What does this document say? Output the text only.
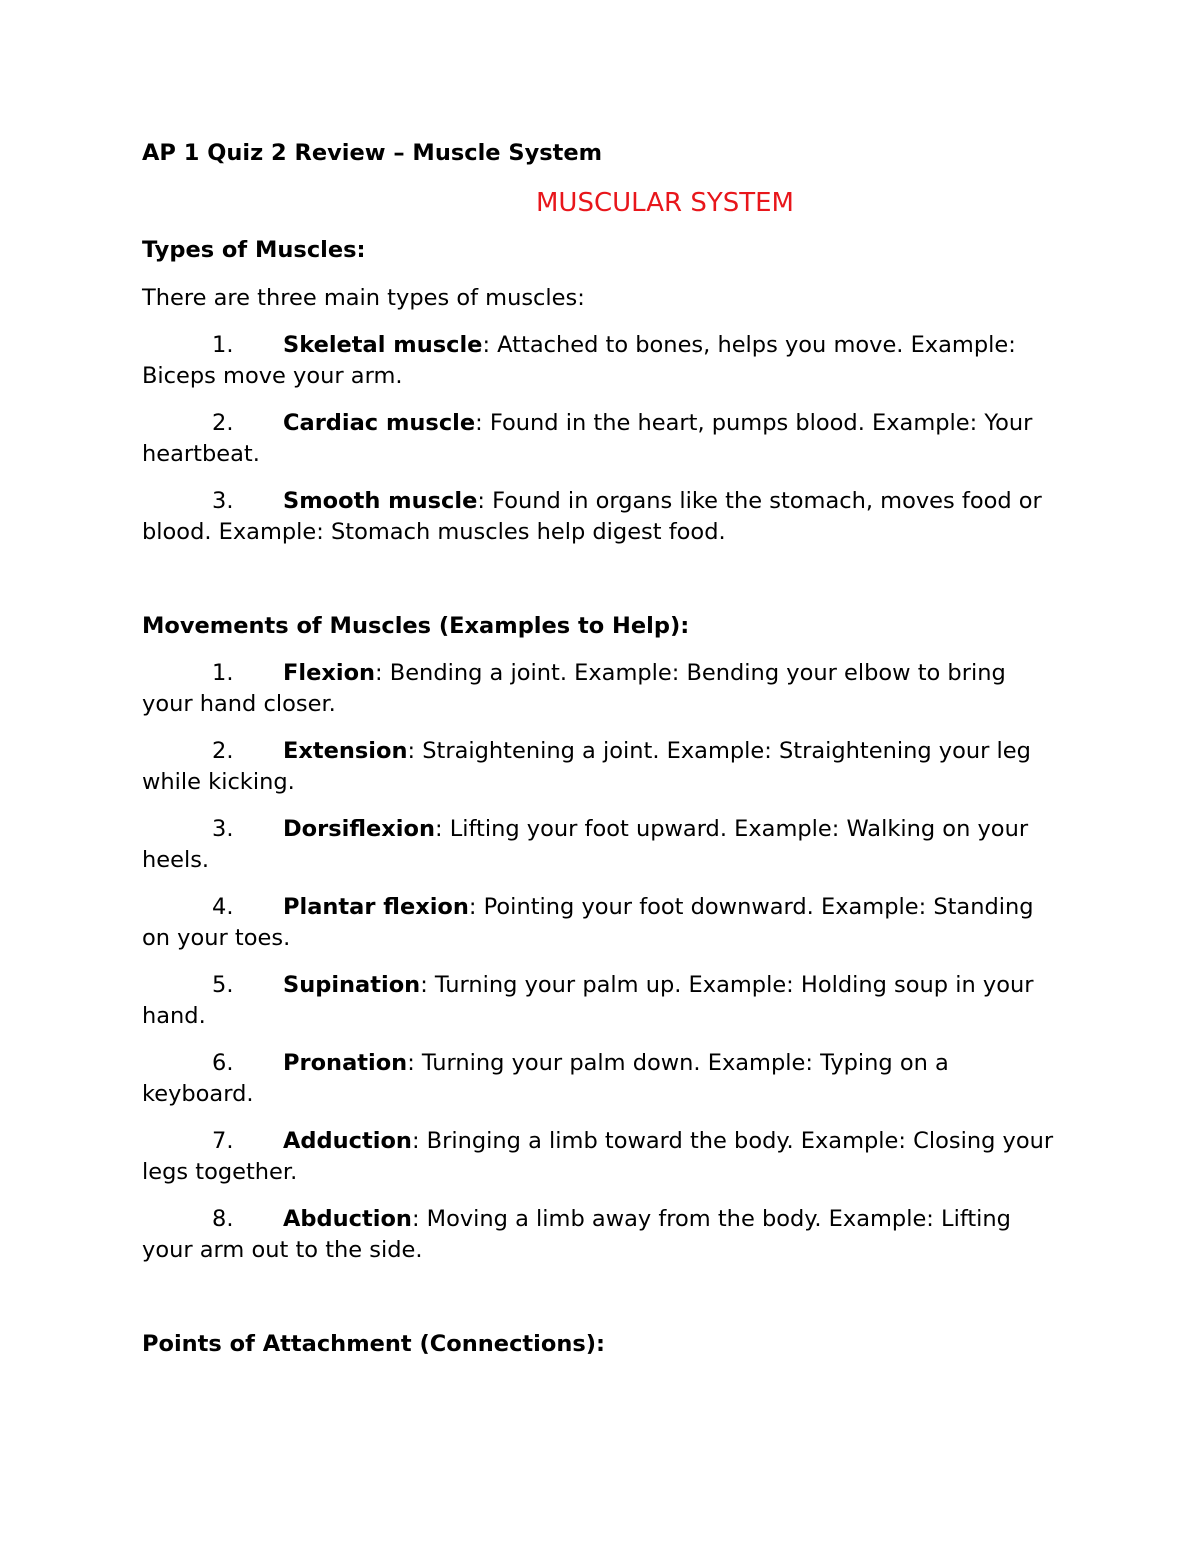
AP 1 Quiz 2 Review – Muscle System

MUSCULAR SYSTEM

Types of Muscles:

There are three main types of muscles:

1. Skeletal muscle: Attached to bones, helps you move. Example: Biceps move your arm.
2. Cardiac muscle: Found in the heart, pumps blood. Example: Your heartbeat.
3. Smooth muscle: Found in organs like the stomach, moves food or blood. Example: Stomach muscles help digest food.

Movements of Muscles (Examples to Help):

1. Flexion: Bending a joint. Example: Bending your elbow to bring your hand closer.
2. Extension: Straightening a joint. Example: Straightening your leg while kicking.
3. Dorsiflexion: Lifting your foot upward. Example: Walking on your heels.
4. Plantar flexion: Pointing your foot downward. Example: Standing on your toes.
5. Supination: Turning your palm up. Example: Holding soup in your hand.
6. Pronation: Turning your palm down. Example: Typing on a keyboard.
7. Adduction: Bringing a limb toward the body. Example: Closing your legs together.
8. Abduction: Moving a limb away from the body. Example: Lifting your arm out to the side.

Points of Attachment (Connections):
